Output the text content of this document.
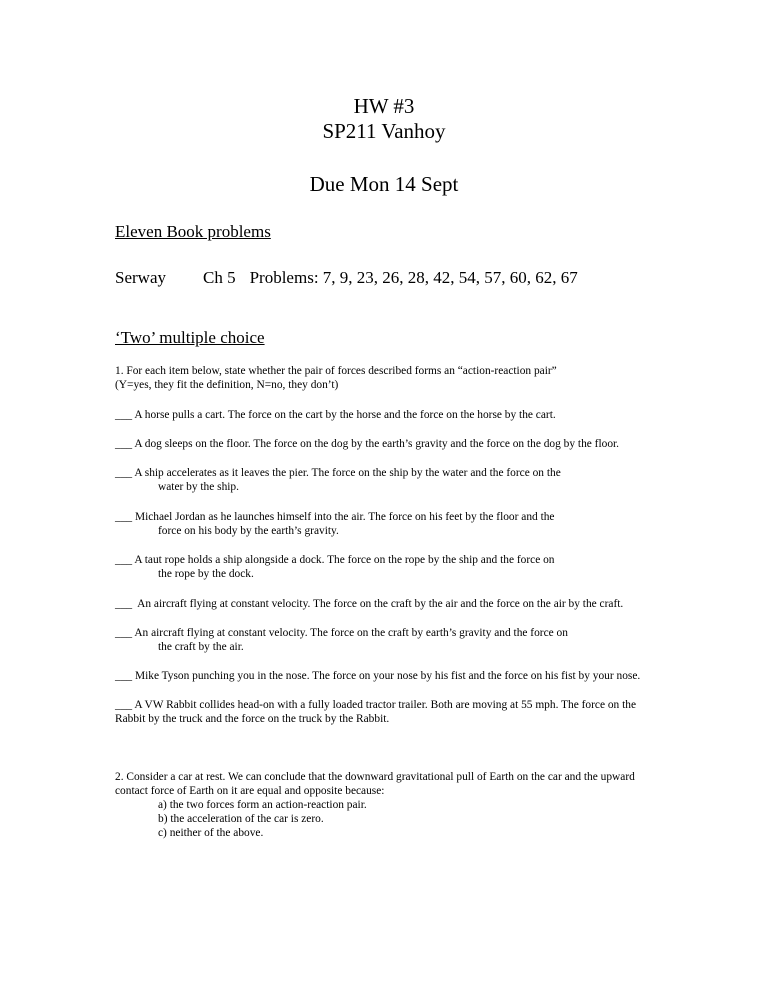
HW #3
SP211 Vanhoy
Due Mon 14 Sept
Eleven Book problems
Serway Ch 5 Problems: 7, 9, 23, 26, 28, 42, 54, 57, 60, 62, 67
‘Two’ multiple choice
1. For each item below, state whether the pair of forces described forms an “action-reaction pair”
(Y=yes, they fit the definition, N=no, they don’t)
___ A horse pulls a cart. The force on the cart by the horse and the force on the horse by the cart.
___ A dog sleeps on the floor. The force on the dog by the earth’s gravity and the force on the dog by the floor.
___ A ship accelerates as it leaves the pier. The force on the ship by the water and the force on the
water by the ship.
___ Michael Jordan as he launches himself into the air. The force on his feet by the floor and the
force on his body by the earth’s gravity.
___ A taut rope holds a ship alongside a dock. The force on the rope by the ship and the force on
the rope by the dock.
___  An aircraft flying at constant velocity. The force on the craft by the air and the force on the air by the craft.
___ An aircraft flying at constant velocity. The force on the craft by earth’s gravity and the force on
the craft by the air.
___ Mike Tyson punching you in the nose. The force on your nose by his fist and the force on his fist by your nose.
___ A VW Rabbit collides head-on with a fully loaded tractor trailer. Both are moving at 55 mph. The force on the
Rabbit by the truck and the force on the truck by the Rabbit.
2. Consider a car at rest. We can conclude that the downward gravitational pull of Earth on the car and the upward
contact force of Earth on it are equal and opposite because:
a) the two forces form an action-reaction pair.
b) the acceleration of the car is zero.
c) neither of the above.
